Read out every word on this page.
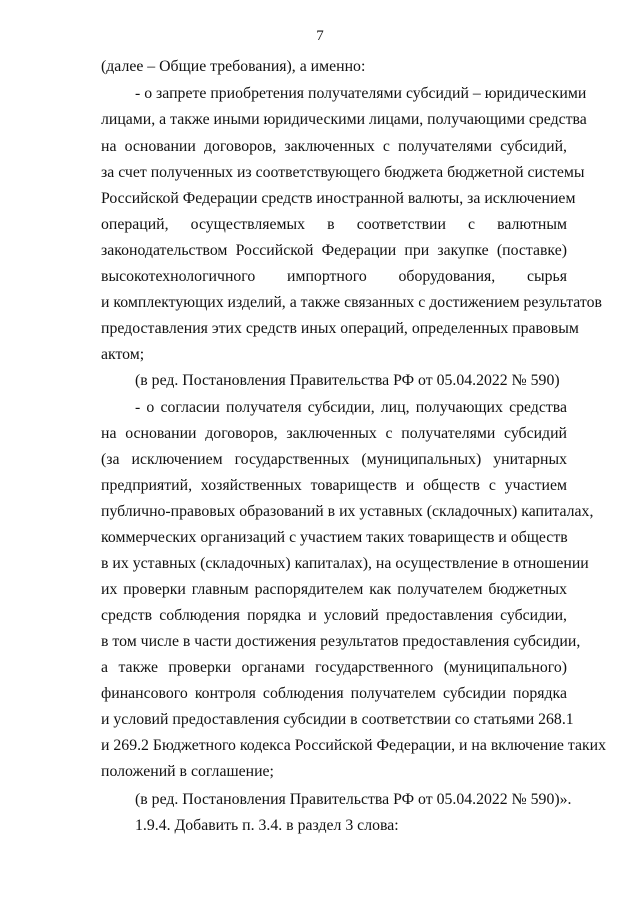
7
(далее – Общие требования), а именно:
- о запрете приобретения получателями субсидий – юридическими
лицами, а также иными юридическими лицами, получающими средства
на основании договоров, заключенных с получателями субсидий,
за счет полученных из соответствующего бюджета бюджетной системы
Российской Федерации средств иностранной валюты, за исключением
операций, осуществляемых в соответствии с валютным
законодательством Российской Федерации при закупке (поставке)
высокотехнологичного импортного оборудования, сырья
и комплектующих изделий, а также связанных с достижением результатов
предоставления этих средств иных операций, определенных правовым
актом;
(в ред. Постановления Правительства РФ от 05.04.2022 № 590)
- о согласии получателя субсидии, лиц, получающих средства
на основании договоров, заключенных с получателями субсидий
(за исключением государственных (муниципальных) унитарных
предприятий, хозяйственных товариществ и обществ с участием
публично-правовых образований в их уставных (складочных) капиталах,
коммерческих организаций с участием таких товариществ и обществ
в их уставных (складочных) капиталах), на осуществление в отношении
их проверки главным распорядителем как получателем бюджетных
средств соблюдения порядка и условий предоставления субсидии,
в том числе в части достижения результатов предоставления субсидии,
а также проверки органами государственного (муниципального)
финансового контроля соблюдения получателем субсидии порядка
и условий предоставления субсидии в соответствии со статьями 268.1
и 269.2 Бюджетного кодекса Российской Федерации, и на включение таких
положений в соглашение;
(в ред. Постановления Правительства РФ от 05.04.2022 № 590)».
1.9.4. Добавить п. 3.4. в раздел 3 слова:
